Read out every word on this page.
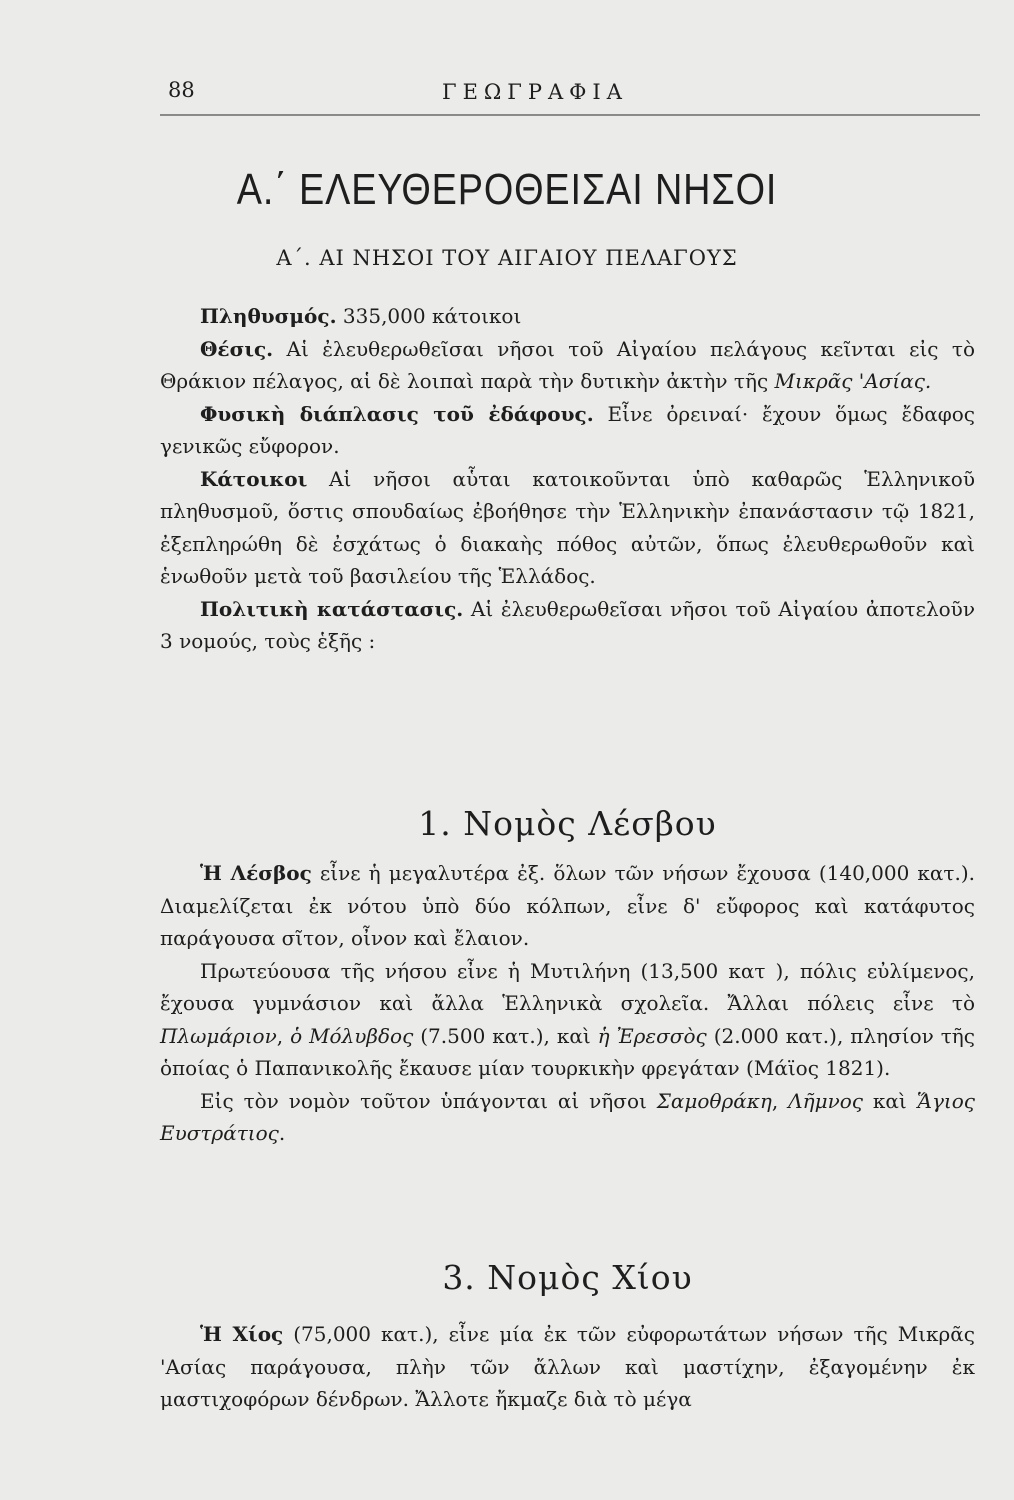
88	ΓΕΩΓΡΑΦΙΑ
Α.΄ ΕΛΕΥΘΕΡΟΘΕΙΣΑΙ ΝΗΣΟΙ
Α΄. ΑΙ ΝΗΣΟΙ ΤΟΥ ΑΙΓΑΙΟΥ ΠΕΛΑΓΟΥΣ

Πληθυσμός. 335,000 κάτοικοι

Θέσις. Αἱ ἐλευθερωθεῖσαι νῆσοι τοῦ Αἰγαίου πελάγους κεῖνται εἰς τὸ Θράκιον πέλαγος, αἱ δὲ λοιπαὶ παρὰ τὴν δυτικὴν ἀκτὴν τῆς Μικρᾶς 'Ασίας.

Φυσικὴ διάπλασις τοῦ ἐδάφους. Εἶνε ὀρειναί· ἔχουν ὅμως ἔδαφος γενικῶς εὔφορον.

Κάτοικοι Αἱ νῆσοι αὗται κατοικοῦνται ὑπὸ καθαρῶς Ἑλληνικοῦ πληθυσμοῦ, ὅστις σπουδαίως ἐβοήθησε τὴν Ἑλληνικὴν ἐπανάστασιν τῷ 1821, ἐξεπληρώθη δὲ ἐσχάτως ὁ διακαὴς πόθος αὐτῶν, ὅπως ἐλευθερωθοῦν καὶ ἑνωθοῦν μετὰ τοῦ βασιλείου τῆς Ἑλλάδος.

Πολιτικὴ κατάστασις. Αἱ ἐλευθερωθεῖσαι νῆσοι τοῦ Αἰγαίου ἀποτελοῦν 3 νομούς, τοὺς ἑξῆς :

1. Νομὸς Λέσβου

Ἡ Λέσβος εἶνε ἡ μεγαλυτέρα ἐξ. ὅλων τῶν νήσων ἔχουσα (140,000 κατ.). Διαμελίζεται ἐκ νότου ὑπὸ δύο κόλπων, εἶνε δ' εὔφορος καὶ κατάφυτος παράγουσα σῖτον, οἶνον καὶ ἔλαιον.

Πρωτεύουσα τῆς νήσου εἶνε ἡ Μυτιλήνη (13,500 κατ ), πόλις εὐλίμενος, ἔχουσα γυμνάσιον καὶ ἄλλα Ἑλληνικὰ σχολεῖα. Ἄλλαι πόλεις εἶνε τὸ Πλωμάριον, ὁ Μόλυβδος (7.500 κατ.), καὶ ἡ Ἐρεσσὸς (2.000 κατ.), πλησίον τῆς ὁποίας ὁ Παπανικολῆς ἔκαυσε μίαν τουρκικὴν φρεγάταν (Μάϊος 1821).

Εἰς τὸν νομὸν τοῦτον ὑπάγονται αἱ νῆσοι Σαμοθράκη, Λῆμνος καὶ Ἅγιος Ευστράτιος.

3. Νομὸς Χίου

Ἡ Χίος (75,000 κατ.), εἶνε μία ἐκ τῶν εὐφορωτάτων νήσων τῆς Μικρᾶς 'Ασίας παράγουσα, πλὴν τῶν ἄλλων καὶ μαστίχην, ἐξαγομένην ἐκ μαστιχοφόρων δένδρων. Ἄλλοτε ἤκμαζε διὰ τὸ μέγα
